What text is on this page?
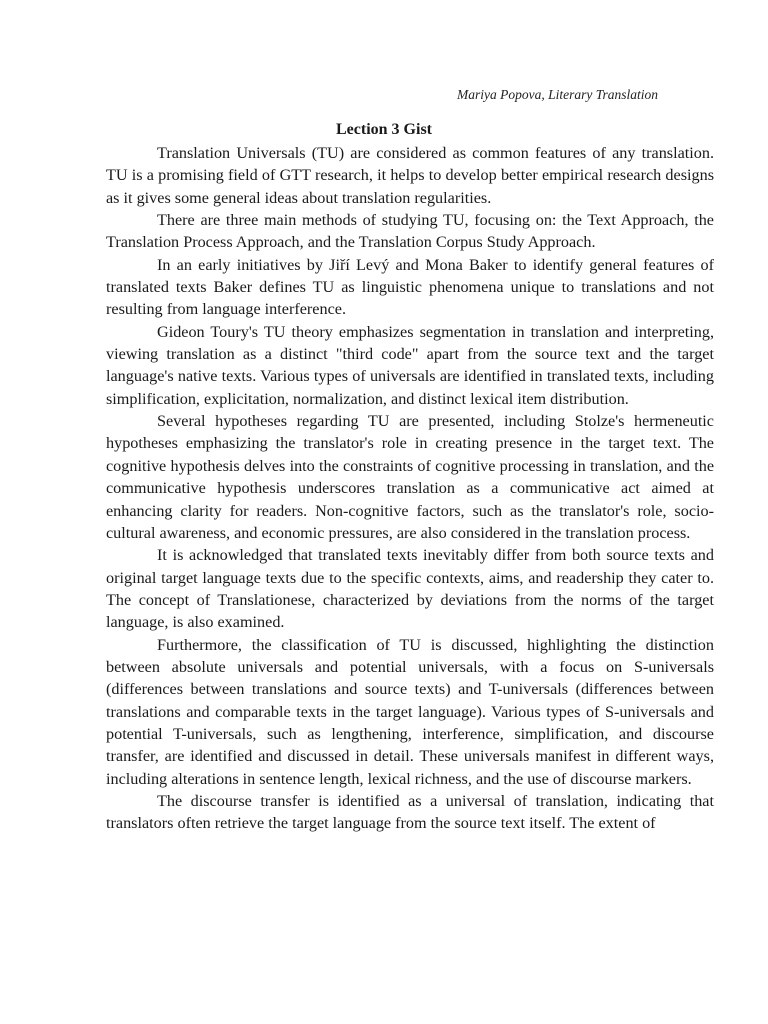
Mariya Popova, Literary Translation
Lection 3 Gist

Translation Universals (TU) are considered as common features of any translation. TU is a promising field of GTT research, it helps to develop better empirical research designs as it gives some general ideas about translation regularities.

There are three main methods of studying TU, focusing on: the Text Approach, the Translation Process Approach, and the Translation Corpus Study Approach.

In an early initiatives by Jiří Levý and Mona Baker to identify general features of translated texts Baker defines TU as linguistic phenomena unique to translations and not resulting from language interference.

Gideon Toury's TU theory emphasizes segmentation in translation and interpreting, viewing translation as a distinct "third code" apart from the source text and the target language's native texts. Various types of universals are identified in translated texts, including simplification, explicitation, normalization, and distinct lexical item distribution.

Several hypotheses regarding TU are presented, including Stolze's hermeneutic hypotheses emphasizing the translator's role in creating presence in the target text. The cognitive hypothesis delves into the constraints of cognitive processing in translation, and the communicative hypothesis underscores translation as a communicative act aimed at enhancing clarity for readers. Non-cognitive factors, such as the translator's role, socio-cultural awareness, and economic pressures, are also considered in the translation process.

It is acknowledged that translated texts inevitably differ from both source texts and original target language texts due to the specific contexts, aims, and readership they cater to. The concept of Translationese, characterized by deviations from the norms of the target language, is also examined.

Furthermore, the classification of TU is discussed, highlighting the distinction between absolute universals and potential universals, with a focus on S-universals (differences between translations and source texts) and T-universals (differences between translations and comparable texts in the target language). Various types of S-universals and potential T-universals, such as lengthening, interference, simplification, and discourse transfer, are identified and discussed in detail. These universals manifest in different ways, including alterations in sentence length, lexical richness, and the use of discourse markers.

The discourse transfer is identified as a universal of translation, indicating that translators often retrieve the target language from the source text itself. The extent of
